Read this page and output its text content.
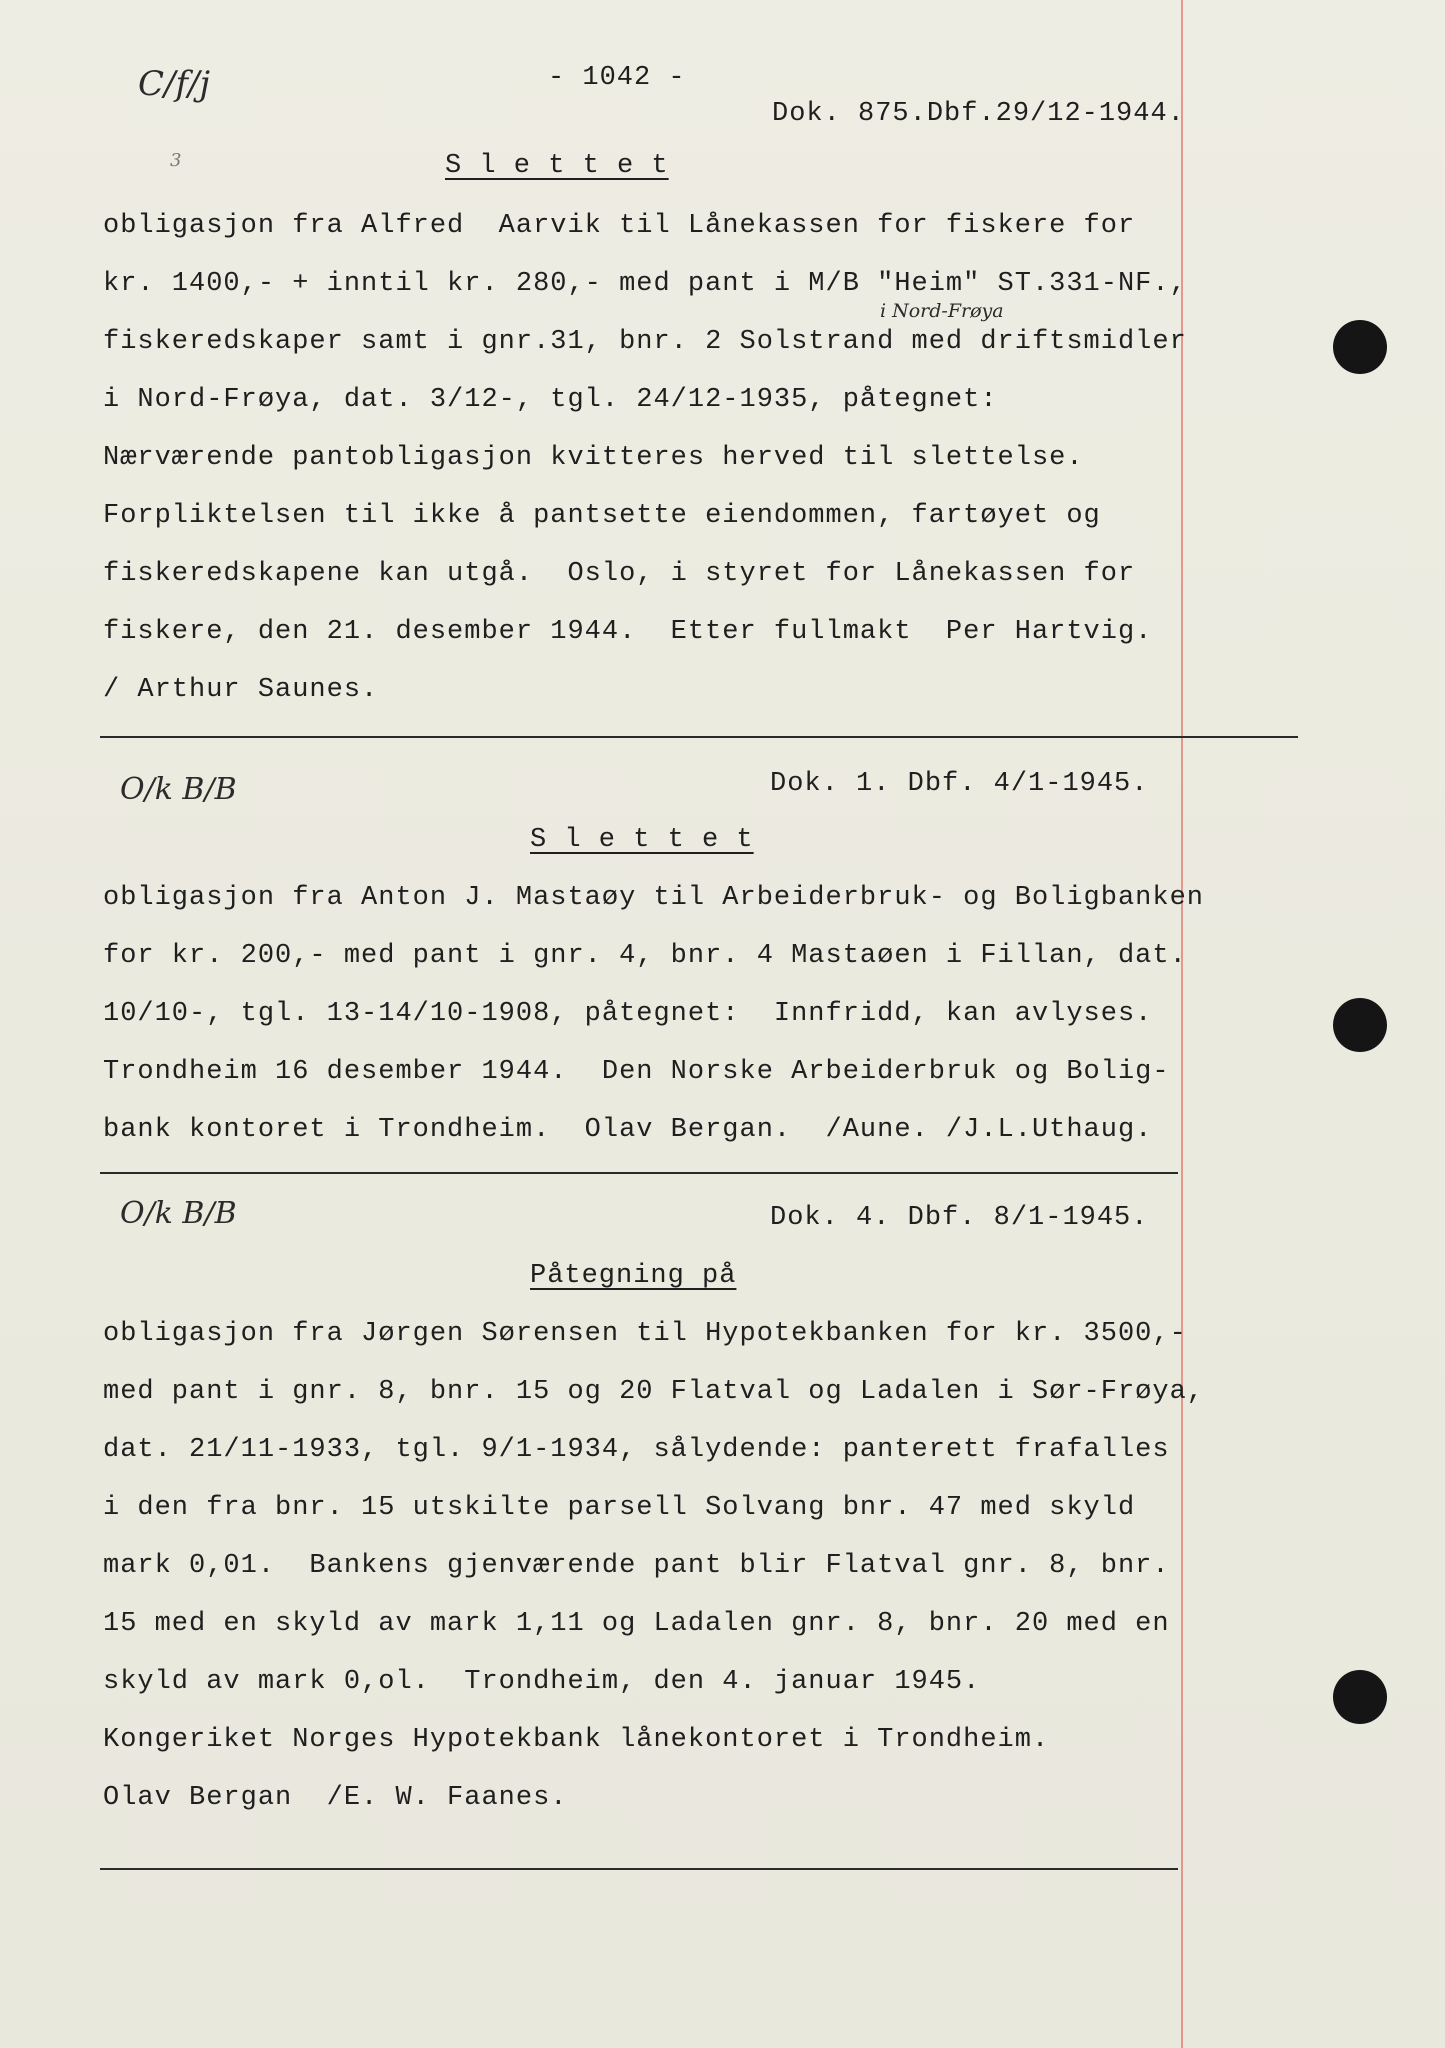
C/f/j
3
- 1042 -
Dok. 875.Dbf.29/12-1944.
S l e t t e t
i Nord-Frøya
obligasjon fra Alfred  Aarvik til Lånekassen for fiskere for
kr. 1400,- + inntil kr. 280,- med pant i M/B "Heim" ST.331-NF.,
fiskeredskaper samt i gnr.31, bnr. 2 Solstrand med driftsmidler
i Nord-Frøya, dat. 3/12-, tgl. 24/12-1935, påtegnet:
Nærværende pantobligasjon kvitteres herved til slettelse.
Forpliktelsen til ikke å pantsette eiendommen, fartøyet og
fiskeredskapene kan utgå.  Oslo, i styret for Lånekassen for
fiskere, den 21. desember 1944.  Etter fullmakt  Per Hartvig.
/ Arthur Saunes.
O/k B/B	Dok. 1. Dbf. 4/1-1945.
S l e t t e t
obligasjon fra Anton J. Mastaøy til Arbeiderbruk- og Boligbanken
for kr. 200,- med pant i gnr. 4, bnr. 4 Mastaøen i Fillan, dat.
10/10-, tgl. 13-14/10-1908, påtegnet:  Innfridd, kan avlyses.
Trondheim 16 desember 1944.  Den Norske Arbeiderbruk og Bolig-
bank kontoret i Trondheim.  Olav Bergan.  /Aune. /J.L.Uthaug.
O/k B/B	Dok. 4. Dbf. 8/1-1945.
Påtegning på
obligasjon fra Jørgen Sørensen til Hypotekbanken for kr. 3500,-
med pant i gnr. 8, bnr. 15 og 20 Flatval og Ladalen i Sør-Frøya,
dat. 21/11-1933, tgl. 9/1-1934, sålydende: panterett frafalles
i den fra bnr. 15 utskilte parsell Solvang bnr. 47 med skyld
mark 0,01.  Bankens gjenværende pant blir Flatval gnr. 8, bnr.
15 med en skyld av mark 1,11 og Ladalen gnr. 8, bnr. 20 med en
skyld av mark 0,ol.  Trondheim, den 4. januar 1945.
Kongeriket Norges Hypotekbank lånekontoret i Trondheim.
Olav Bergan  /E. W. Faanes.
